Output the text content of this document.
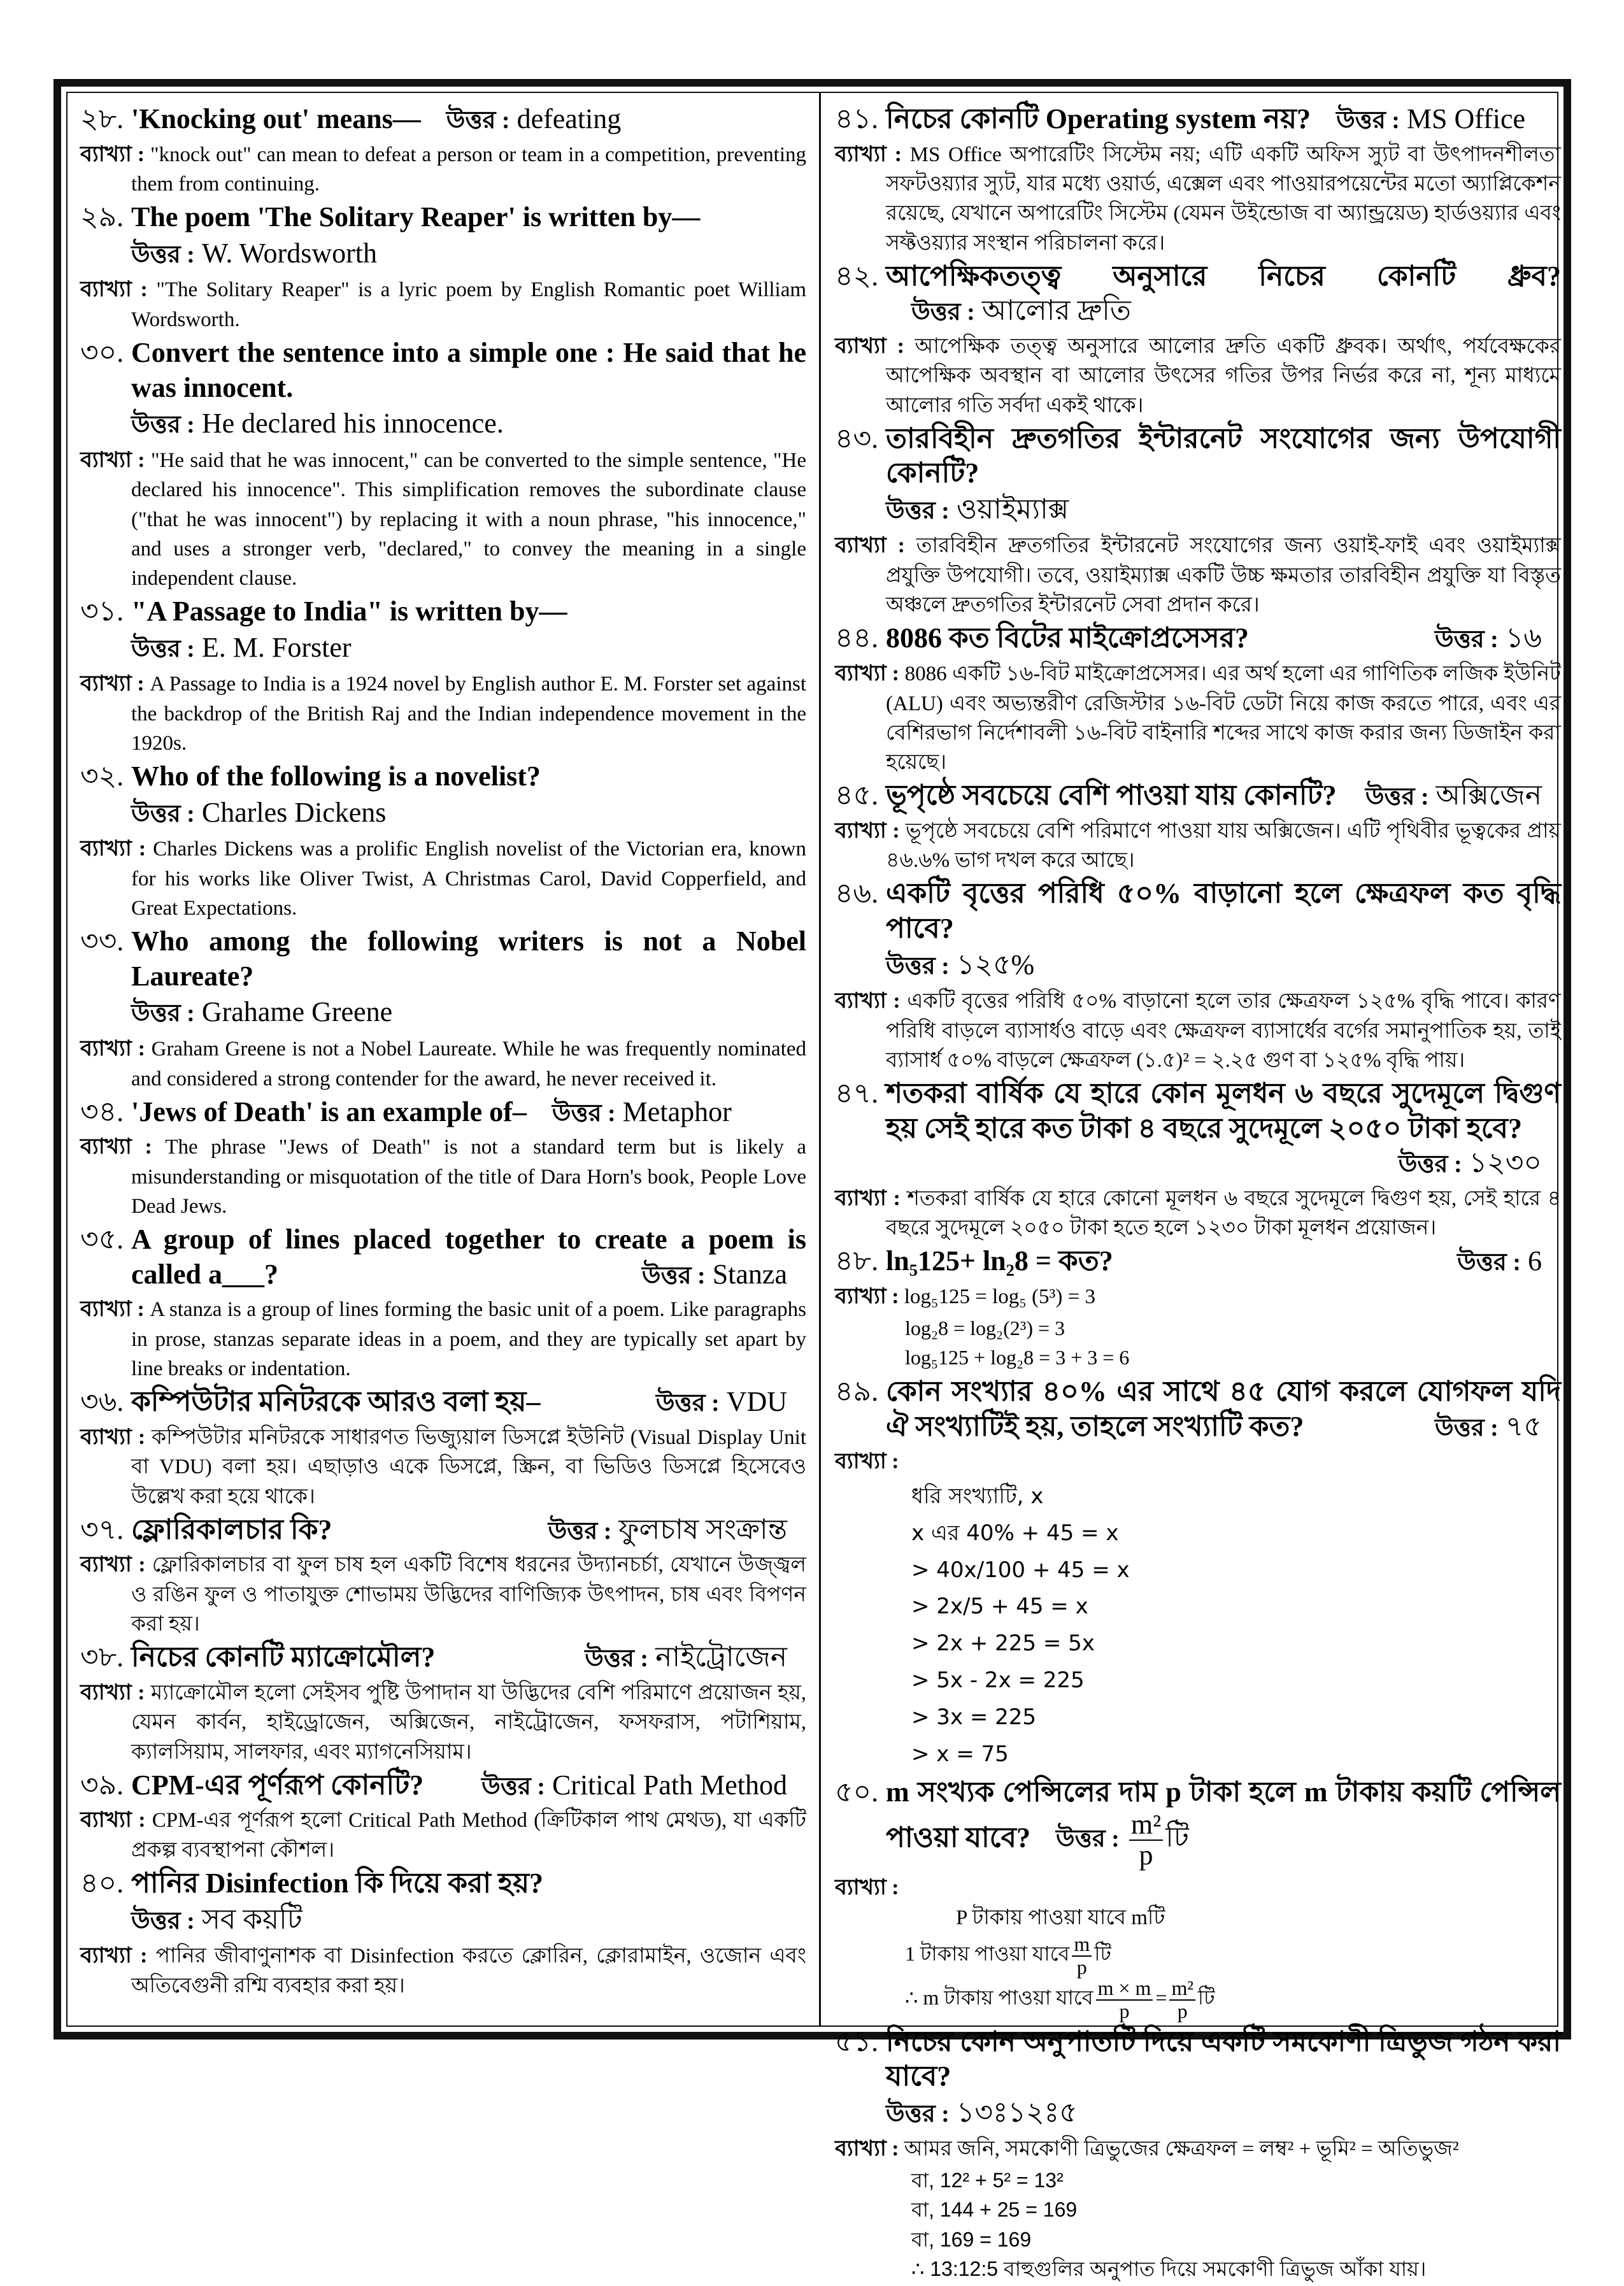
২৮. 'Knocking out' means— উত্তর : defeating
ব্যাখ্যা : "knock out" can mean to defeat a person or team in a competition, preventing them from continuing.
২৯. The poem 'The Solitary Reaper' is written by—
উত্তর : W. Wordsworth
ব্যাখ্যা : "The Solitary Reaper" is a lyric poem by English Romantic poet William Wordsworth.
৩০. Convert the sentence into a simple one : He said that he was innocent.
উত্তর : He declared his innocence.
ব্যাখ্যা : "He said that he was innocent," can be converted to the simple sentence, "He declared his innocence". This simplification removes the subordinate clause ("that he was innocent") by replacing it with a noun phrase, "his innocence," and uses a stronger verb, "declared," to convey the meaning in a single independent clause.
৩১. "A Passage to India" is written by—
উত্তর : E. M. Forster
ব্যাখ্যা : A Passage to India is a 1924 novel by English author E. M. Forster set against the backdrop of the British Raj and the Indian independence movement in the 1920s.
৩২. Who of the following is a novelist?
উত্তর : Charles Dickens
ব্যাখ্যা : Charles Dickens was a prolific English novelist of the Victorian era, known for his works like Oliver Twist, A Christmas Carol, David Copperfield, and Great Expectations.
৩৩. Who among the following writers is not a Nobel Laureate?
উত্তর : Grahame Greene
ব্যাখ্যা : Graham Greene is not a Nobel Laureate. While he was frequently nominated and considered a strong contender for the award, he never received it.
৩৪. 'Jews of Death' is an example of– উত্তর : Metaphor
ব্যাখ্যা : The phrase "Jews of Death" is not a standard term but is likely a misunderstanding or misquotation of the title of Dara Horn's book, People Love Dead Jews.
৩৫. A group of lines placed together to create a poem is called a___?	উত্তর : Stanza
ব্যাখ্যা : A stanza is a group of lines forming the basic unit of a poem. Like paragraphs in prose, stanzas separate ideas in a poem, and they are typically set apart by line breaks or indentation.
৩৬. কম্পিউটার মনিটরকে আরও বলা হয়–	উত্তর : VDU
ব্যাখ্যা : কম্পিউটার মনিটরকে সাধারণত ভিজ্যুয়াল ডিসপ্লে ইউনিট (Visual Display Unit বা VDU) বলা হয়। এছাড়াও একে ডিসপ্লে, স্ক্রিন, বা ভিডিও ডিসপ্লে হিসেবেও উল্লেখ করা হয়ে থাকে।
৩৭. ফ্লোরিকালচার কি?	উত্তর : ফুলচাষ সংক্রান্ত
ব্যাখ্যা : ফ্লোরিকালচার বা ফুল চাষ হল একটি বিশেষ ধরনের উদ্যানচর্চা, যেখানে উজ্জ্বল ও রঙিন ফুল ও পাতাযুক্ত শোভাময় উদ্ভিদের বাণিজ্যিক উৎপাদন, চাষ এবং বিপণন করা হয়।
৩৮. নিচের কোনটি ম্যাক্রোমৌল?	উত্তর : নাইট্রোজেন
ব্যাখ্যা : ম্যাক্রোমৌল হলো সেইসব পুষ্টি উপাদান যা উদ্ভিদের বেশি পরিমাণে প্রয়োজন হয়, যেমন কার্বন, হাইড্রোজেন, অক্সিজেন, নাইট্রোজেন, ফসফরাস, পটাশিয়াম, ক্যালসিয়াম, সালফার, এবং ম্যাগনেসিয়াম।
৩৯. CPM-এর পূর্ণরূপ কোনটি? উত্তর : Critical Path Method
ব্যাখ্যা : CPM-এর পূর্ণরূপ হলো Critical Path Method (ক্রিটিকাল পাথ মেথড), যা একটি প্রকল্প ব্যবস্থাপনা কৌশল।
৪০. পানির Disinfection কি দিয়ে করা হয়?
উত্তর : সব কয়টি
ব্যাখ্যা : পানির জীবাণুনাশক বা Disinfection করতে ক্লোরিন, ক্লোরামাইন, ওজোন এবং অতিবেগুনী রশ্মি ব্যবহার করা হয়।
৪১. নিচের কোনটি Operating system নয়? উত্তর : MS Office
ব্যাখ্যা : MS Office অপারেটিং সিস্টেম নয়; এটি একটি অফিস স্যুট বা উৎপাদনশীলতা সফটওয়্যার স্যুট, যার মধ্যে ওয়ার্ড, এক্সেল এবং পাওয়ারপয়েন্টের মতো অ্যাপ্লিকেশন রয়েছে, যেখানে অপারেটিং সিস্টেম (যেমন উইন্ডোজ বা অ্যান্ড্রয়েড) হার্ডওয়্যার এবং সফ্টওয়্যার সংস্থান পরিচালনা করে।
৪২. আপেক্ষিকতত্ত্ব অনুসারে নিচের কোনটি ধ্রুব?উত্তর : আলোর দ্রুতি
ব্যাখ্যা : আপেক্ষিক তত্ত্ব অনুসারে আলোর দ্রুতি একটি ধ্রুবক। অর্থাৎ, পর্যবেক্ষকের আপেক্ষিক অবস্থান বা আলোর উৎসের গতির উপর নির্ভর করে না, শূন্য মাধ্যমে আলোর গতি সর্বদা একই থাকে।
৪৩. তারবিহীন দ্রুতগতির ইন্টারনেট সংযোগের জন্য উপযোগী কোনটি?
উত্তর : ওয়াইম্যাক্স
ব্যাখ্যা : তারবিহীন দ্রুতগতির ইন্টারনেট সংযোগের জন্য ওয়াই-ফাই এবং ওয়াইম্যাক্স প্রযুক্তি উপযোগী। তবে, ওয়াইম্যাক্স একটি উচ্চ ক্ষমতার তারবিহীন প্রযুক্তি যা বিস্তৃত অঞ্চলে দ্রুতগতির ইন্টারনেট সেবা প্রদান করে।
৪৪. 8086 কত বিটের মাইক্রোপ্রসেসর?	উত্তর : ১৬
ব্যাখ্যা : 8086 একটি ১৬-বিট মাইক্রোপ্রসেসর। এর অর্থ হলো এর গাণিতিক লজিক ইউনিট (ALU) এবং অভ্যন্তরীণ রেজিস্টার ১৬-বিট ডেটা নিয়ে কাজ করতে পারে, এবং এর বেশিরভাগ নির্দেশাবলী ১৬-বিট বাইনারি শব্দের সাথে কাজ করার জন্য ডিজাইন করা হয়েছে।
৪৫. ভূপৃষ্ঠে সবচেয়ে বেশি পাওয়া যায় কোনটি? উত্তর : অক্সিজেন
ব্যাখ্যা : ভূপৃষ্ঠে সবচেয়ে বেশি পরিমাণে পাওয়া যায় অক্সিজেন। এটি পৃথিবীর ভূত্বকের প্রায় ৪৬.৬% ভাগ দখল করে আছে।
৪৬. একটি বৃত্তের পরিধি ৫০% বাড়ানো হলে ক্ষেত্রফল কত বৃদ্ধি পাবে?
উত্তর : ১২৫%
ব্যাখ্যা : একটি বৃত্তের পরিধি ৫০% বাড়ানো হলে তার ক্ষেত্রফল ১২৫% বৃদ্ধি পাবে। কারণ পরিধি বাড়লে ব্যাসার্ধও বাড়ে এবং ক্ষেত্রফল ব্যাসার্ধের বর্গের সমানুপাতিক হয়, তাই ব্যাসার্ধ ৫০% বাড়লে ক্ষেত্রফল (১.৫)² = ২.২৫ গুণ বা ১২৫% বৃদ্ধি পায়।
৪৭. শতকরা বার্ষিক যে হারে কোন মূলধন ৬ বছরে সুদেমূলে দ্বিগুণ হয় সেই হারে কত টাকা ৪ বছরে সুদেমূলে ২০৫০ টাকা হবে?
উত্তর : ১২৩০
ব্যাখ্যা : শতকরা বার্ষিক যে হারে কোনো মূলধন ৬ বছরে সুদেমূলে দ্বিগুণ হয়, সেই হারে ৪ বছরে সুদেমূলে ২০৫০ টাকা হতে হলে ১২৩০ টাকা মূলধন প্রয়োজন।
৪৮. ln₅125+ ln₂8 = কত?	উত্তর : 6
ব্যাখ্যা : log₅125 = log₅ (5³) = 3
log₂8 = log₂(2³) = 3
log₅125 + log₂8 = 3 + 3 = 6
৪৯. কোন সংখ্যার ৪০% এর সাথে ৪৫ যোগ করলে যোগফল যদি ঐ সংখ্যাটিই হয়, তাহলে সংখ্যাটি কত?	উত্তর : ৭৫
ব্যাখ্যা :
ধরি সংখ্যাটি, x
x এর 40% + 45 = x
> 40x/100 + 45 = x
> 2x/5 + 45 = x
> 2x + 225 = 5x
> 5x - 2x = 225
> 3x = 225
> x = 75
৫০. m সংখ্যক পেন্সিলের দাম p টাকা হলে m টাকায় কয়টি পেন্সিল পাওয়া যাবে? উত্তর : $\frac{\text{m²}}{p}$ টি
ব্যাখ্যা :
P টাকায় পাওয়া যাবে mটি
1 টাকায় পাওয়া যাবে $\frac{m}{p}$ টি
∴ m টাকায় পাওয়া যাবে $\frac{m \times m}{p} = \frac{\text{m²}}{p}$ টি
৫১. নিচের কোন অনুপাতটি দিয়ে একটি সমকোণী ত্রিভুজ গঠন করা যাবে?
উত্তর : ১৩ঃ১২ঃ৫
ব্যাখ্যা : আমর জনি, সমকোণী ত্রিভুজের ক্ষেত্রফল = লম্ব² + ভূমি² = অতিভুজ²
বা, 12² + 5² = 13²
বা, 144 + 25 = 169
বা, 169 = 169
∴ 13:12:5 বাহুগুলির অনুপাত দিয়ে সমকোণী ত্রিভুজ আঁকা যায়।
